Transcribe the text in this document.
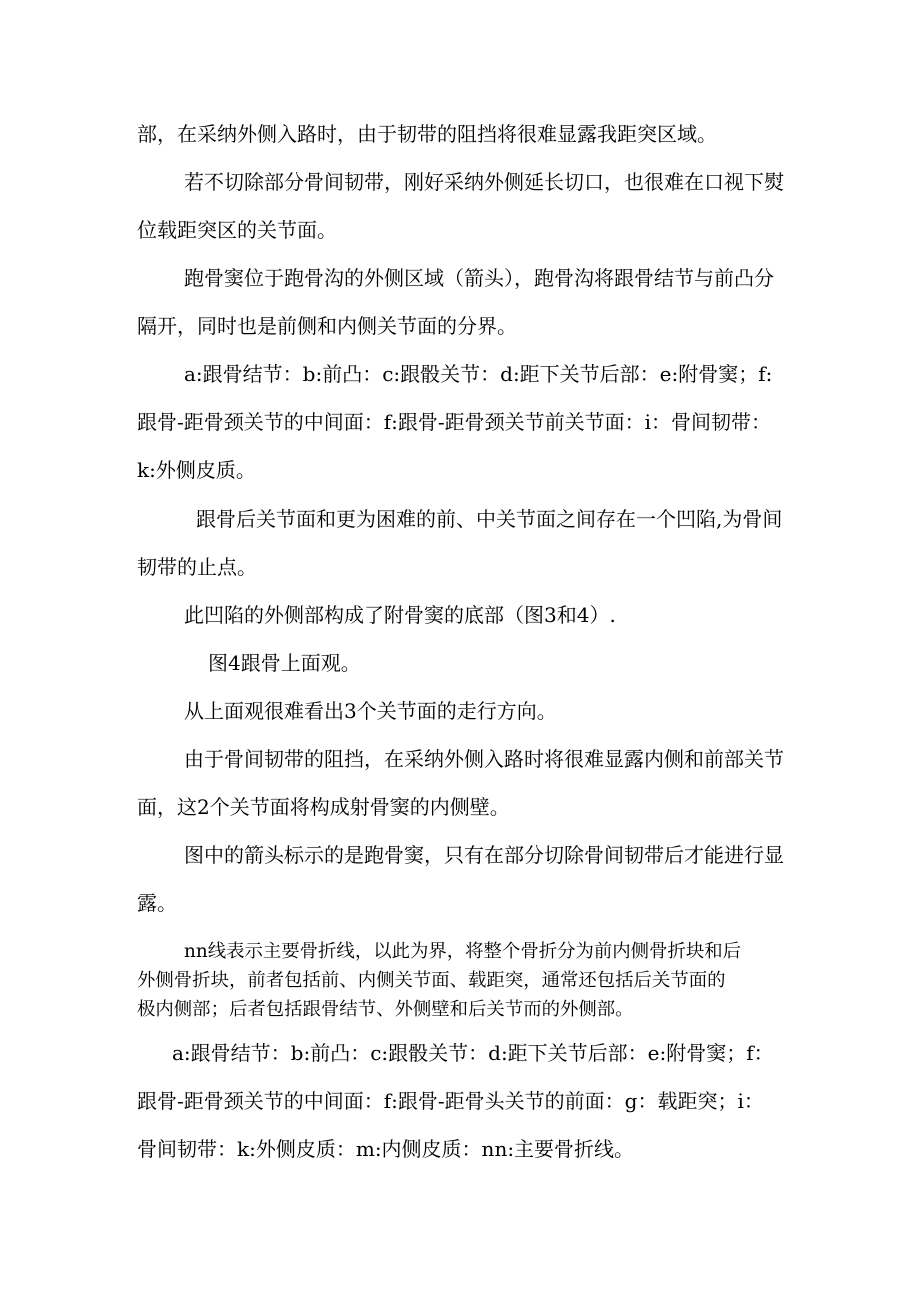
部，在采纳外侧入路时，由于韧带的阻挡将很难显露我距突区域。
若不切除部分骨间韧带，刚好采纳外侧延长切口，也很难在口视下熨
位载距突区的关节面。
跑骨窦位于跑骨沟的外侧区域（箭头），跑骨沟将跟骨结节与前凸分
隔开，同时也是前侧和内侧关节面的分界。
a:跟骨结节：b:前凸：c:跟骰关节：d:距下关节后部：e:附骨窦；f:
跟骨-距骨颈关节的中间面：f:跟骨-距骨颈关节前关节面：i：骨间韧带：
k:外侧皮质。
跟骨后关节面和更为困难的前、中关节面之间存在一个凹陷,为骨间
韧带的止点。
此凹陷的外侧部构成了附骨窦的底部（图3和4）.
图4跟骨上面观。
从上面观很难看出3个关节面的走行方向。
由于骨间韧带的阻挡，在采纳外侧入路时将很难显露内侧和前部关节
面，这2个关节面将构成射骨窦的内侧壁。
图中的箭头标示的是跑骨窦，只有在部分切除骨间韧带后才能进行显
露。
nn线表示主要骨折线，以此为界，将整个骨折分为前内侧骨折块和后
外侧骨折块，前者包括前、内侧关节面、载距突，通常还包括后关节面的
极内侧部；后者包括跟骨结节、外侧壁和后关节而的外侧部。
a:跟骨结节：b:前凸：c:跟骰关节：d:距下关节后部：e:附骨窦；f：
跟骨-距骨颈关节的中间面：f:跟骨-距骨头关节的前面：g：载距突；i：
骨间韧带：k:外侧皮质：m:内侧皮质：nn:主要骨折线。
